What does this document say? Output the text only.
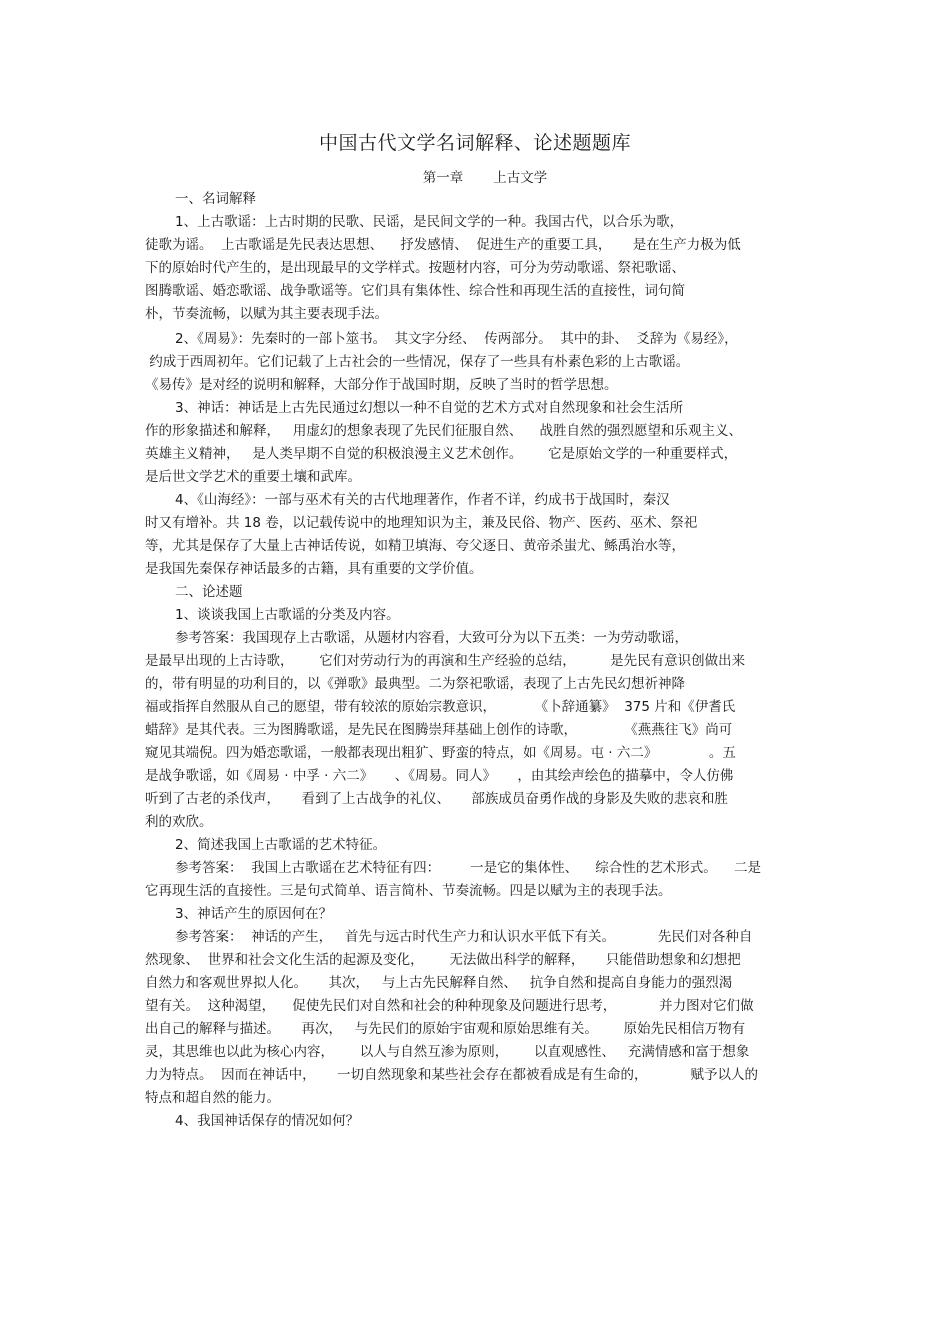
中国古代文学名词解释、论述题题库
第一章 上古文学
一、名词解释
1、上古歌谣：上古时期的民歌、民谣，是民间文学的一种。我国古代，以合乐为歌，
徒歌为谣。  上古歌谣是先民表达思想、    抒发感情、  促进生产的重要工具，     是在生产力极为低
下的原始时代产生的，是出现最早的文学样式。按题材内容，可分为劳动歌谣、祭祀歌谣、
图腾歌谣、婚恋歌谣、战争歌谣等。它们具有集体性、综合性和再现生活的直接性，词句简
朴，节奏流畅，以赋为其主要表现手法。
2、《周易》：先秦时的一部卜筮书。  其文字分经、  传两部分。  其中的卦、  爻辞为《易经》，
约成于西周初年。它们记载了上古社会的一些情况，保存了一些具有朴素色彩的上古歌谣。
《易传》是对经的说明和解释，大部分作于战国时期，反映了当时的哲学思想。
3、神话：神话是上古先民通过幻想以一种不自觉的艺术方式对自然现象和社会生活所
作的形象描述和解释，   用虚幻的想象表现了先民们征服自然、    战胜自然的强烈愿望和乐观主义、
英雄主义精神，   是人类早期不自觉的积极浪漫主义艺术创作。      它是原始文学的一种重要样式，
是后世文学艺术的重要土壤和武库。
4、《山海经》：一部与巫术有关的古代地理著作，作者不详，约成书于战国时，秦汉
时又有增补。共 18 卷，以记载传说中的地理知识为主，兼及民俗、物产、医药、巫术、祭祀
等，尤其是保存了大量上古神话传说，如精卫填海、夸父逐日、黄帝杀蚩尤、鲧禹治水等，
是我国先秦保存神话最多的古籍，具有重要的文学价值。
二、论述题
1、谈谈我国上古歌谣的分类及内容。
参考答案：我国现存上古歌谣，从题材内容看，大致可分为以下五类：一为劳动歌谣，
是最早出现的上古诗歌，      它们对劳动行为的再演和生产经验的总结，        是先民有意识创做出来
的，带有明显的功利目的，以《弹歌》最典型。二为祭祀歌谣，表现了上古先民幻想祈神降
福或指挥自然服从自己的愿望，带有较浓的原始宗教意识，         《卜辞通纂》  375 片和《伊耆氏
蜡辞》是其代表。三为图腾歌谣，是先民在图腾崇拜基础上创作的诗歌，           《燕燕往飞》尚可
窥见其端倪。四为婚恋歌谣，一般都表现出粗犷、野蛮的特点，如《周易。屯 · 六二》            。五
是战争歌谣，如《周易 · 中孚 · 六二》     、《周易。同人》     ，由其绘声绘色的描摹中，令人仿佛
听到了古老的杀伐声，     看到了上古战争的礼仪、     部族成员奋勇作战的身影及失败的悲哀和胜
利的欢欣。
2、简述我国上古歌谣的艺术特征。
参考答案：  我国上古歌谣在艺术特征有四：       一是它的集体性、    综合性的艺术形式。    二是
它再现生活的直接性。三是句式简单、语言简朴、节奏流畅。四是以赋为主的表现手法。
3、神话产生的原因何在？
参考答案：  神话的产生，   首先与远古时代生产力和认识水平低下有关。          先民们对各种自
然现象、  世界和社会文化生活的起源及变化，      无法做出科学的解释，     只能借助想象和幻想把
自然力和客观世界拟人化。     其次，   与上古先民解释自然、   抗争自然和提高自身能力的强烈渴
望有关。  这种渴望，    促使先民们对自然和社会的种种现象及问题进行思考，          并力图对它们做
出自己的解释与描述。     再次，   与先民们的原始宇宙观和原始思维有关。      原始先民相信万物有
灵，其思维也以此为核心内容，      以人与自然互渗为原则，      以直观感性、   充满情感和富于想象
力为特点。  因而在神话中，     一切自然现象和某些社会存在都被看成是有生命的，          赋予以人的
特点和超自然的能力。
4、我国神话保存的情况如何？
